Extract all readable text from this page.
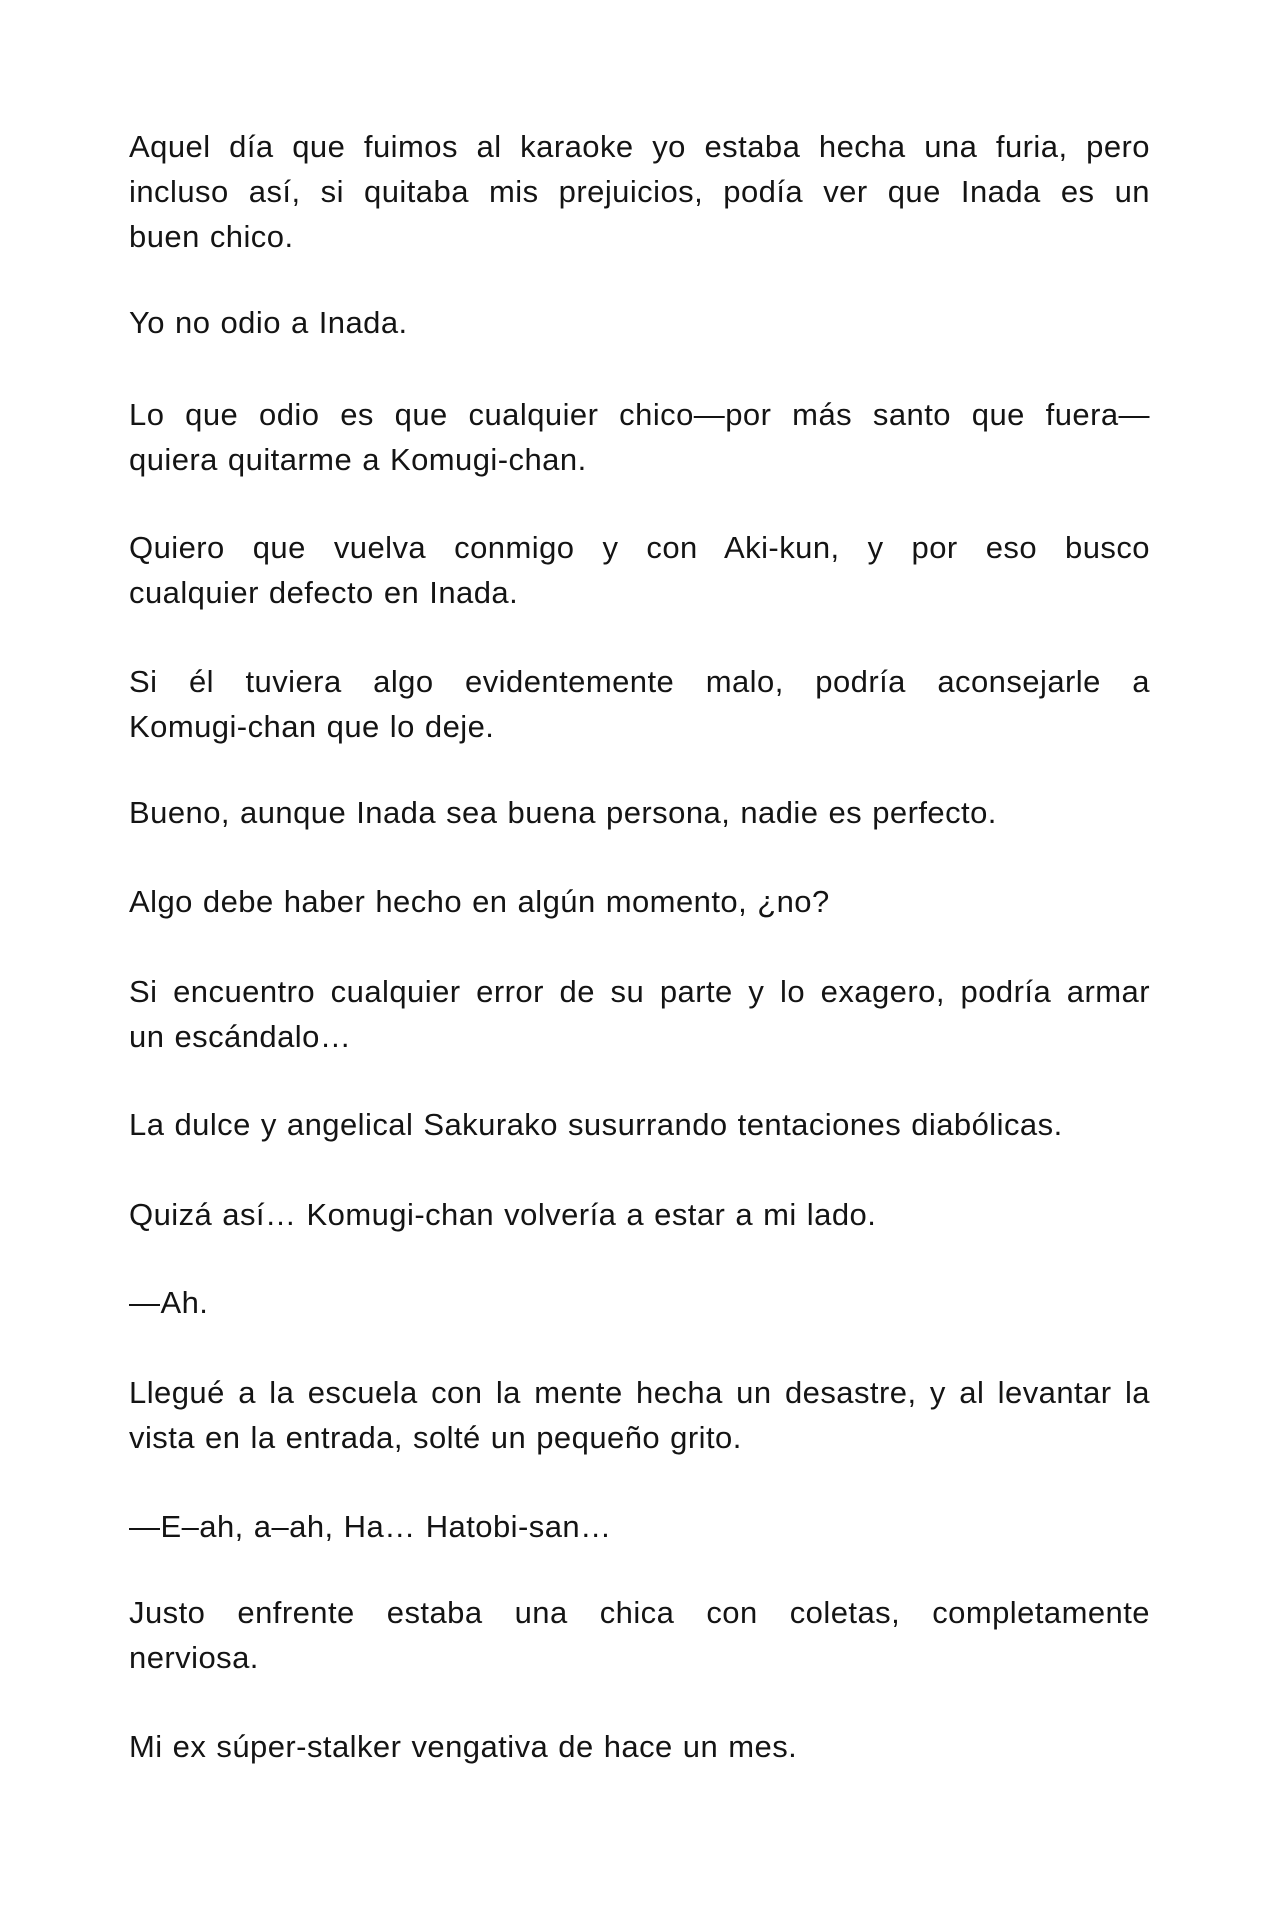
Aquel día que fuimos al karaoke yo estaba hecha una furia, pero
incluso así, si quitaba mis prejuicios, podía ver que Inada es un
buen chico.

Yo no odio a Inada.

Lo que odio es que cualquier chico—por más santo que fuera—
quiera quitarme a Komugi-chan.

Quiero que vuelva conmigo y con Aki-kun, y por eso busco
cualquier defecto en Inada.

Si él tuviera algo evidentemente malo, podría aconsejarle a
Komugi-chan que lo deje.

Bueno, aunque Inada sea buena persona, nadie es perfecto.

Algo debe haber hecho en algún momento, ¿no?

Si encuentro cualquier error de su parte y lo exagero, podría armar
un escándalo…

La dulce y angelical Sakurako susurrando tentaciones diabólicas.

Quizá así… Komugi-chan volvería a estar a mi lado.

—Ah.

Llegué a la escuela con la mente hecha un desastre, y al levantar la
vista en la entrada, solté un pequeño grito.

—E–ah, a–ah, Ha… Hatobi-san…

Justo enfrente estaba una chica con coletas, completamente
nerviosa.

Mi ex súper-stalker vengativa de hace un mes.
